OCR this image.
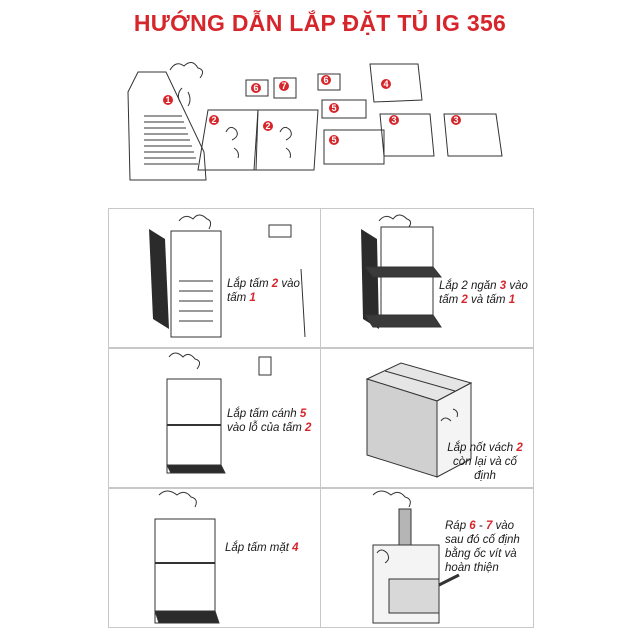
HƯỚNG DẪN LẮP ĐẶT TỦ IG 356
1
2
2
6	7
6	4
5
5
3	3
Lắp tấm 2 vào tấm 1
Lắp 2 ngăn 3 vào tấm 2 và tấm 1
Lắp tấm cánh 5 vào lỗ của tấm 2
Lắp nốt vách 2 còn lại và cố định
Lắp tấm mặt 4
Ráp 6 - 7 vào sau đó cố định bằng ốc vít và hoàn thiện
